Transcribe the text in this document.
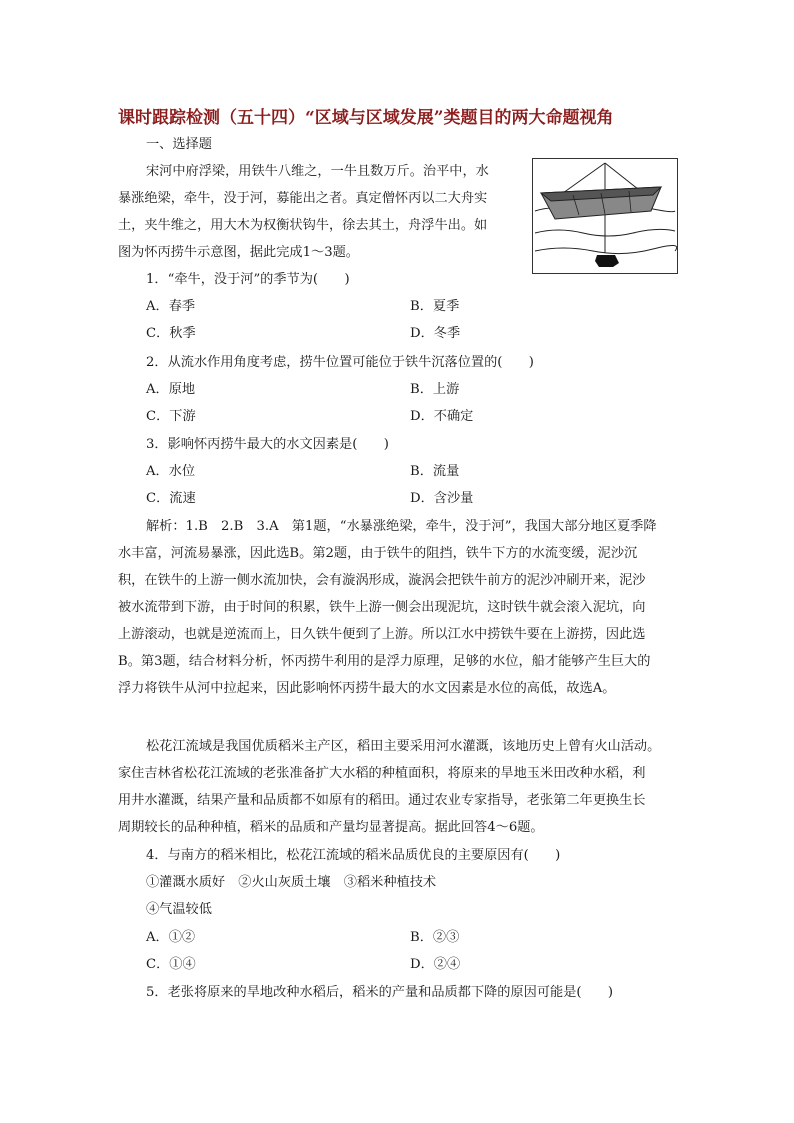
课时跟踪检测（五十四）“区域与区域发展”类题目的两大命题视角
一、选择题
宋河中府浮梁，用铁牛八维之，一牛且数万斤。治平中，水
暴涨绝梁，牵牛，没于河，募能出之者。真定僧怀丙以二大舟实
土，夹牛维之，用大木为权衡状钩牛，徐去其土，舟浮牛出。如
图为怀丙捞牛示意图，据此完成1～3题。
1．“牵牛，没于河”的季节为(　　)
A．春季	B．夏季
C．秋季	D．冬季
2．从流水作用角度考虑，捞牛位置可能位于铁牛沉落位置的(　　)
A．原地	B．上游
C．下游	D．不确定
3．影响怀丙捞牛最大的水文因素是(　　)
A．水位	B．流量
C．流速	D．含沙量
解析：1.B　2.B　3.A　第1题，“水暴涨绝梁，牵牛，没于河”，我国大部分地区夏季降
水丰富，河流易暴涨，因此选B。第2题，由于铁牛的阻挡，铁牛下方的水流变缓，泥沙沉
积，在铁牛的上游一侧水流加快，会有漩涡形成，漩涡会把铁牛前方的泥沙冲刷开来，泥沙
被水流带到下游，由于时间的积累，铁牛上游一侧会出现泥坑，这时铁牛就会滚入泥坑，向
上游滚动，也就是逆流而上，日久铁牛便到了上游。所以江水中捞铁牛要在上游捞，因此选
B。第3题，结合材料分析，怀丙捞牛利用的是浮力原理，足够的水位，船才能够产生巨大的
浮力将铁牛从河中拉起来，因此影响怀丙捞牛最大的水文因素是水位的高低，故选A。
松花江流域是我国优质稻米主产区，稻田主要采用河水灌溉，该地历史上曾有火山活动。
家住吉林省松花江流域的老张准备扩大水稻的种植面积，将原来的旱地玉米田改种水稻，利
用井水灌溉，结果产量和品质都不如原有的稻田。通过农业专家指导，老张第二年更换生长
周期较长的品种种植，稻米的品质和产量均显著提高。据此回答4～6题。
4．与南方的稻米相比，松花江流域的稻米品质优良的主要原因有(　　)
①灌溉水质好　②火山灰质土壤　③稻米种植技术
④气温较低
A．①②	B．②③
C．①④	D．②④
5．老张将原来的旱地改种水稻后，稻米的产量和品质都下降的原因可能是(　　)
